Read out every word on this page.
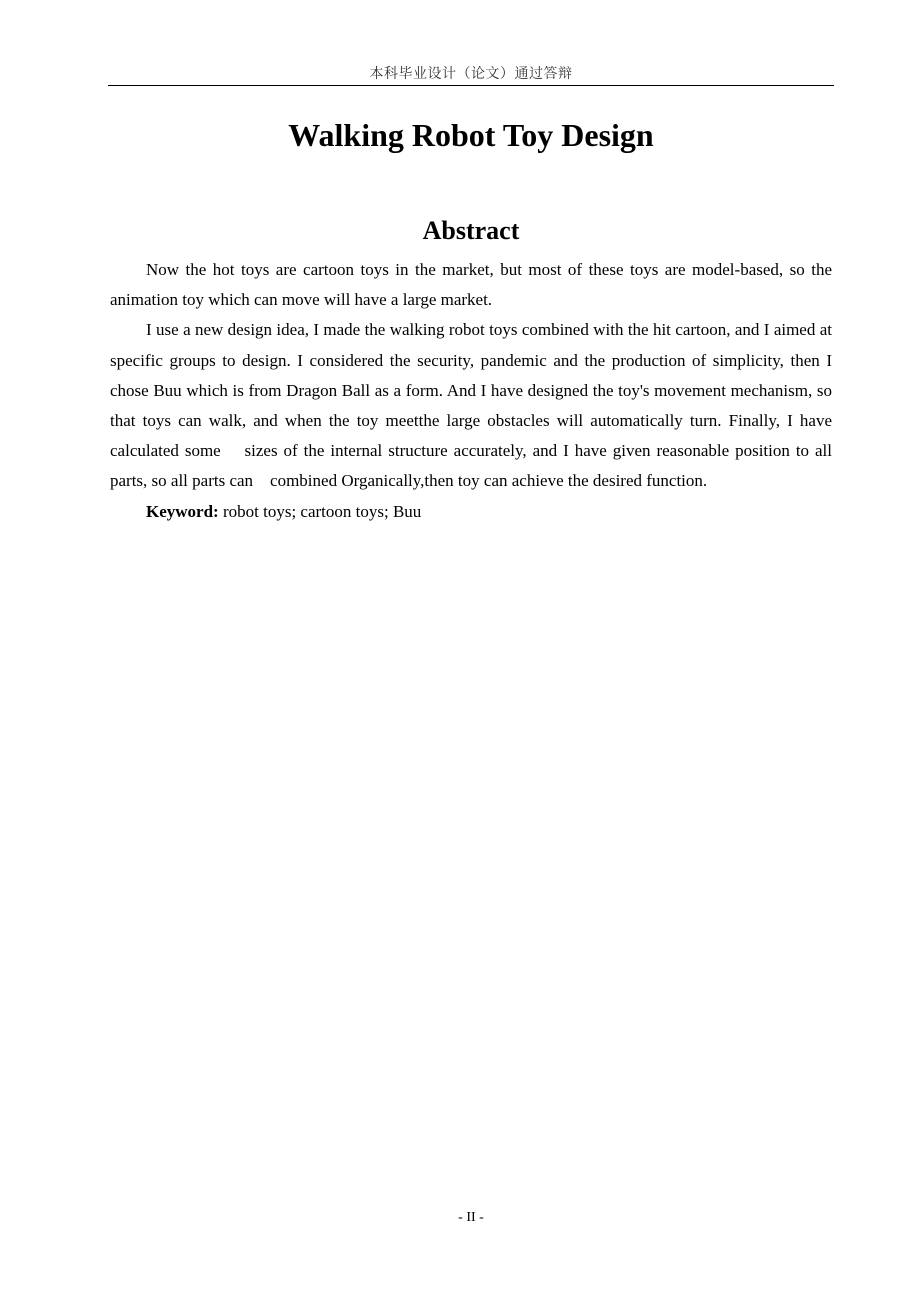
本科毕业设计（论文）通过答辩
Walking Robot Toy Design
Abstract

Now the hot toys are cartoon toys in the market, but most of these toys are model-based, so the animation toy which can move will have a large market.

I use a new design idea, I made the walking robot toys combined with the hit cartoon, and I aimed at specific groups to design. I considered the security, pandemic and the production of simplicity, then I chose Buu which is from Dragon Ball as a form. And I have designed the toy's movement mechanism, so that toys can walk, and when the toy meetthe large obstacles will automatically turn. Finally, I have calculated some    sizes of the internal structure accurately, and I have given reasonable position to all parts, so all parts can    combined Organically,then toy can achieve the desired function.

Keyword: robot toys; cartoon toys; Buu

- II -
